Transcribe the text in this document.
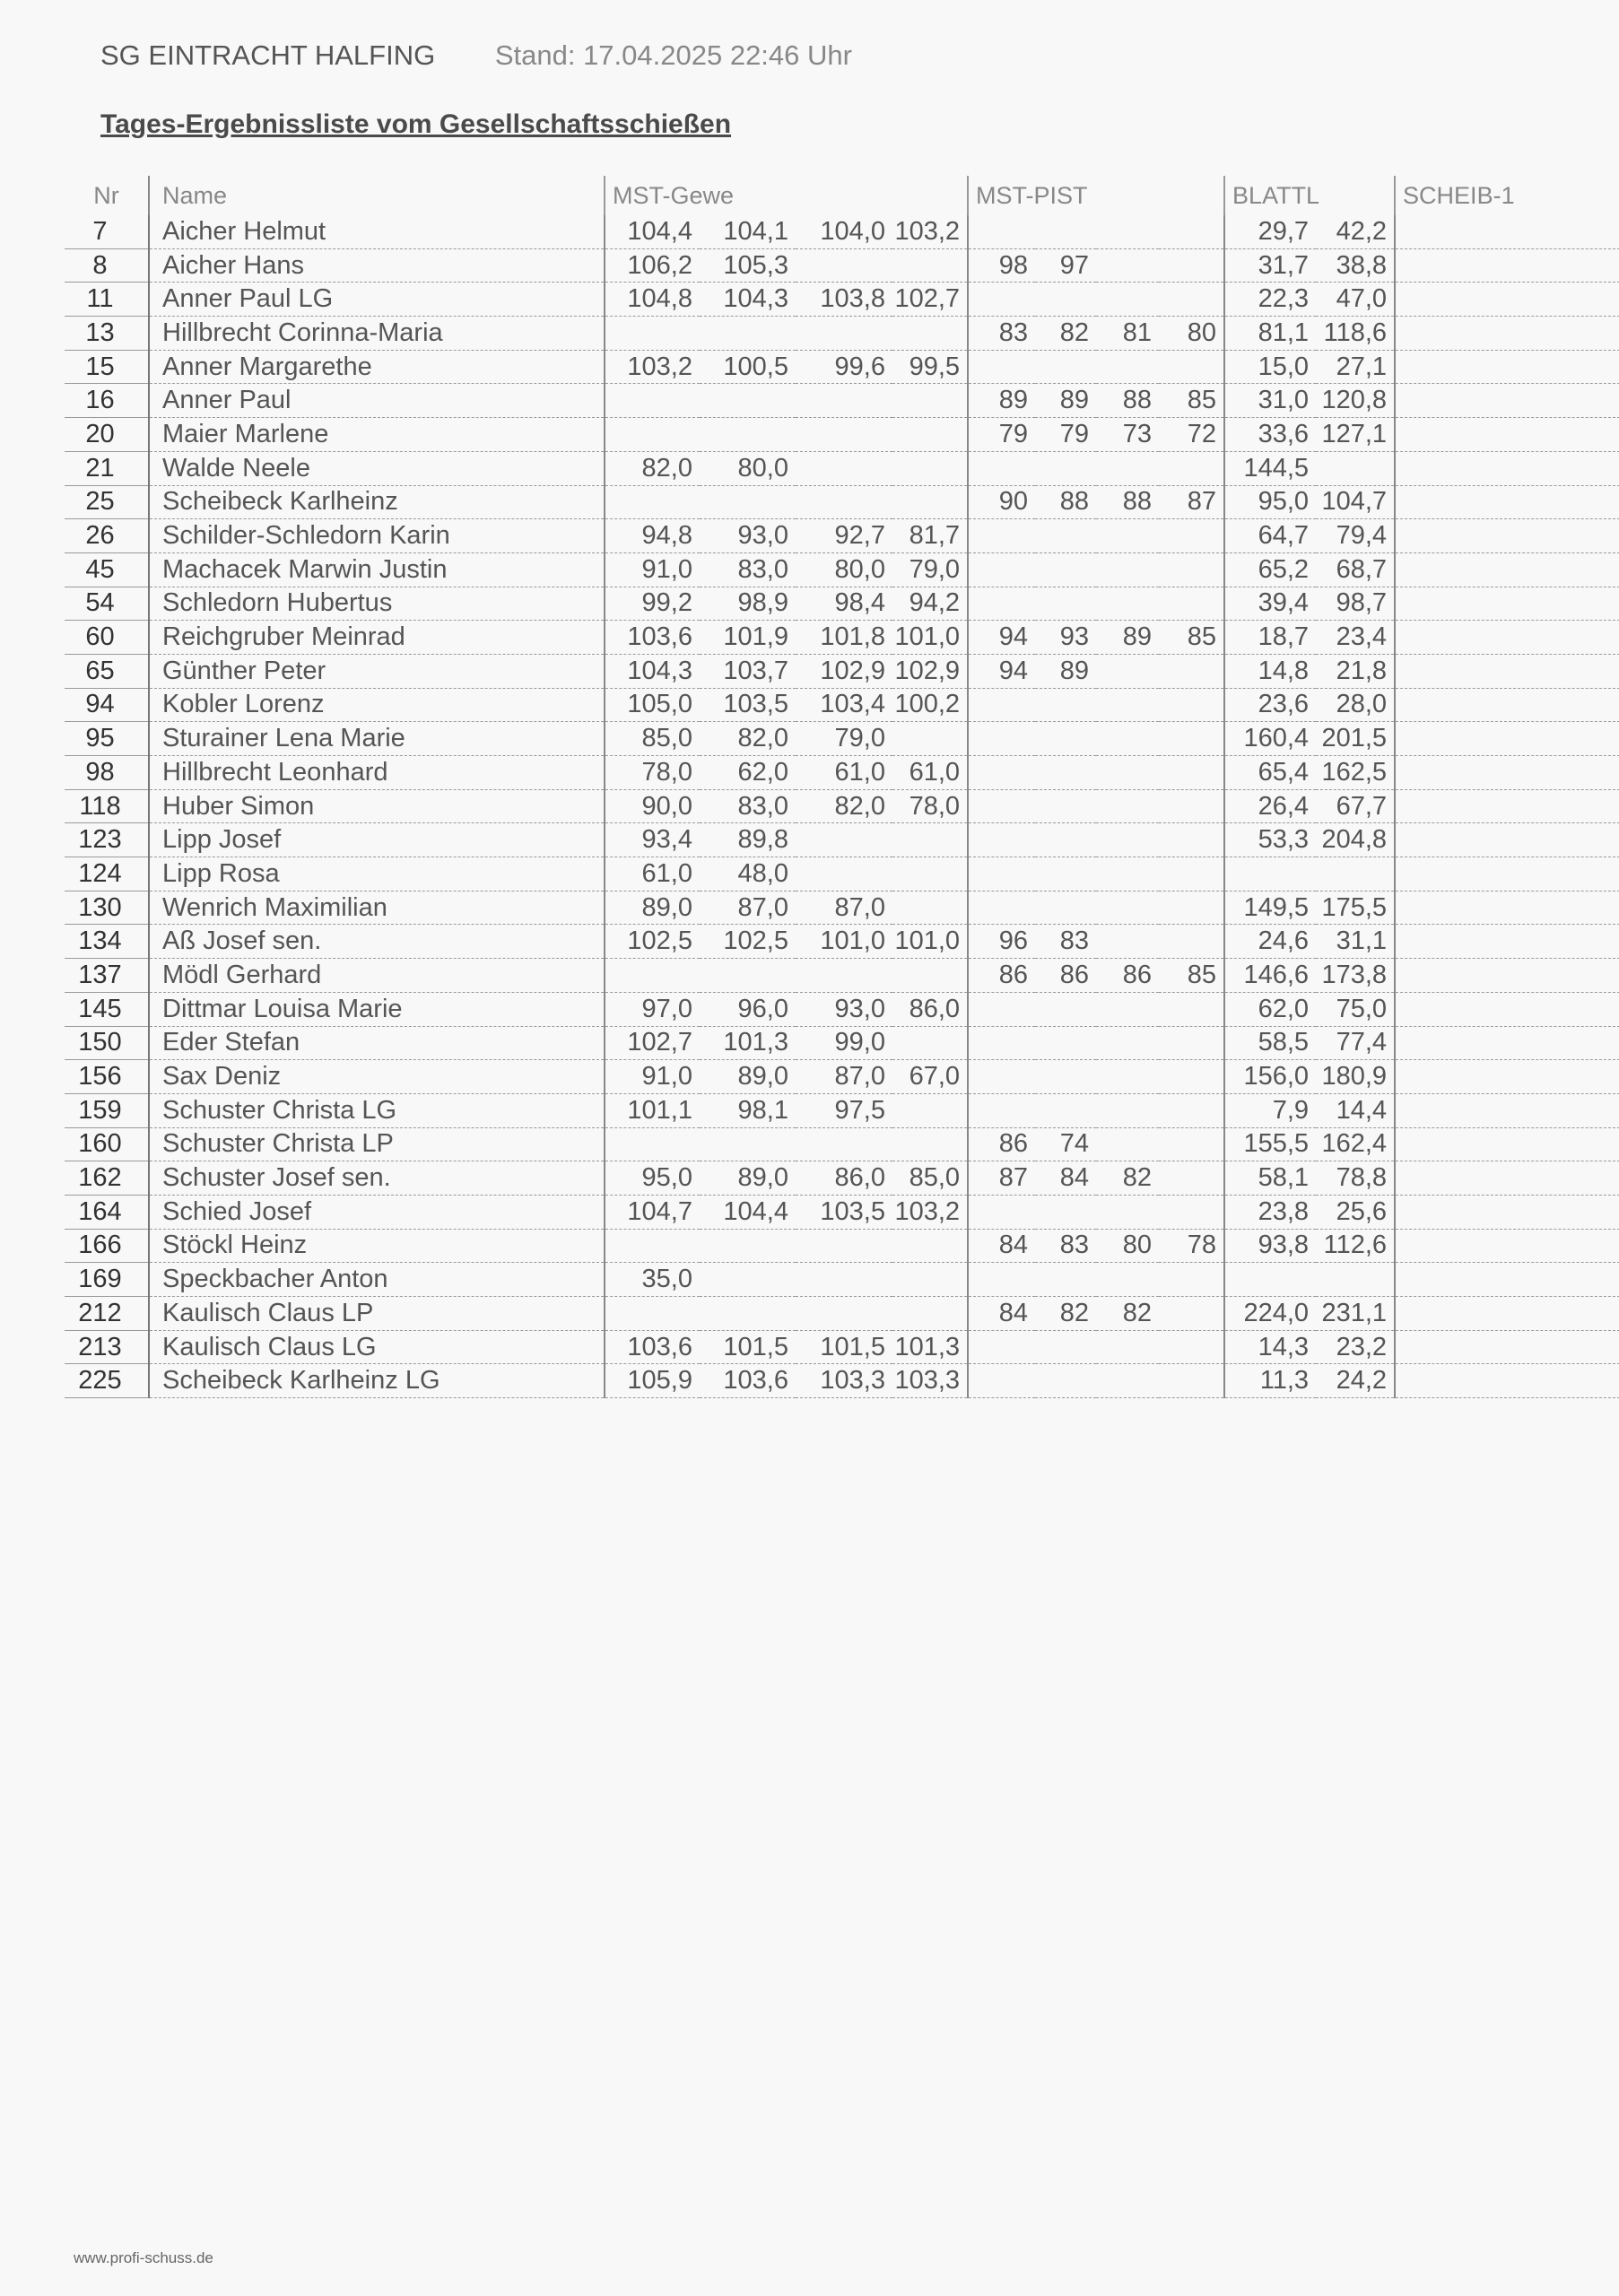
SG EINTRACHT HALFING Stand: 17.04.2025 22:46 Uhr
Tages-Ergebnissliste vom Gesellschaftsschießen
Nr	Name	MST-Gewe				MST-PIST				BLATTL		SCHEIB-1
7	Aicher Helmut	104,4	104,1	104,0	103,2					29,7	42,2	
8	Aicher Hans	106,2	105,3			98	97			31,7	38,8	
11	Anner Paul LG	104,8	104,3	103,8	102,7					22,3	47,0	
13	Hillbrecht Corinna-Maria					83	82	81	80	81,1	118,6	
15	Anner Margarethe	103,2	100,5	99,6	99,5					15,0	27,1	
16	Anner Paul					89	89	88	85	31,0	120,8	
20	Maier Marlene					79	79	73	72	33,6	127,1	
21	Walde Neele	82,0	80,0							144,5		
25	Scheibeck Karlheinz					90	88	88	87	95,0	104,7	
26	Schilder-Schledorn Karin	94,8	93,0	92,7	81,7					64,7	79,4	
45	Machacek Marwin Justin	91,0	83,0	80,0	79,0					65,2	68,7	
54	Schledorn Hubertus	99,2	98,9	98,4	94,2					39,4	98,7	
60	Reichgruber Meinrad	103,6	101,9	101,8	101,0	94	93	89	85	18,7	23,4	
65	Günther Peter	104,3	103,7	102,9	102,9	94	89			14,8	21,8	
94	Kobler Lorenz	105,0	103,5	103,4	100,2					23,6	28,0	
95	Sturainer Lena Marie	85,0	82,0	79,0						160,4	201,5	
98	Hillbrecht Leonhard	78,0	62,0	61,0	61,0					65,4	162,5	
118	Huber Simon	90,0	83,0	82,0	78,0					26,4	67,7	
123	Lipp Josef	93,4	89,8							53,3	204,8	
124	Lipp Rosa	61,0	48,0									
130	Wenrich Maximilian	89,0	87,0	87,0						149,5	175,5	
134	Aß Josef sen.	102,5	102,5	101,0	101,0	96	83			24,6	31,1	
137	Mödl Gerhard					86	86	86	85	146,6	173,8	
145	Dittmar Louisa Marie	97,0	96,0	93,0	86,0					62,0	75,0	
150	Eder Stefan	102,7	101,3	99,0						58,5	77,4	
156	Sax Deniz	91,0	89,0	87,0	67,0					156,0	180,9	
159	Schuster Christa LG	101,1	98,1	97,5						7,9	14,4	
160	Schuster Christa LP					86	74			155,5	162,4	
162	Schuster Josef sen.	95,0	89,0	86,0	85,0	87	84	82		58,1	78,8	
164	Schied Josef	104,7	104,4	103,5	103,2					23,8	25,6	
166	Stöckl Heinz					84	83	80	78	93,8	112,6	
169	Speckbacher Anton	35,0										
212	Kaulisch Claus LP					84	82	82		224,0	231,1	
213	Kaulisch Claus LG	103,6	101,5	101,5	101,3					14,3	23,2	
225	Scheibeck Karlheinz LG	105,9	103,6	103,3	103,3					11,3	24,2	
www.profi-schuss.de
